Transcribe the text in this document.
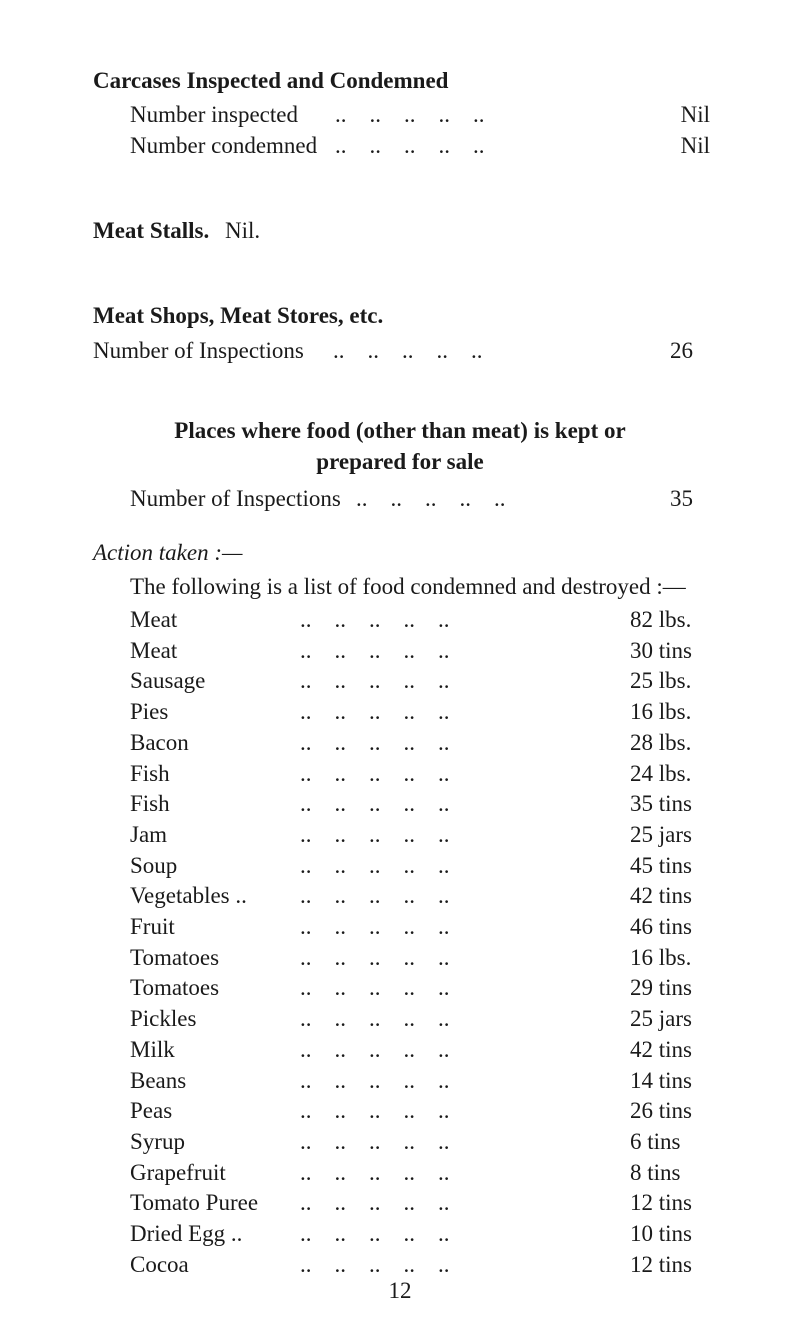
Carcases Inspected and Condemned
Number inspected ..    ..    ..    ..    ..	Nil
Number condemned ..    ..    ..    ..    ..	Nil
Meat Stalls. Nil.
Meat Shops, Meat Stores, etc.
Number of Inspections ..    ..    ..    ..    ..	26
Places where food (other than meat) is kept or
prepared for sale
Number of Inspections ..    ..    ..    ..    ..	35
Action taken :—
The following is a list of food condemned and destroyed :—
Meat	..    ..    ..    ..    ..	82 lbs.
Meat	..    ..    ..    ..    ..	30 tins
Sausage	..    ..    ..    ..    ..	25 lbs.
Pies	..    ..    ..    ..    ..	16 lbs.
Bacon	..    ..    ..    ..    ..	28 lbs.
Fish	..    ..    ..    ..    ..	24 lbs.
Fish	..    ..    ..    ..    ..	35 tins
Jam	..    ..    ..    ..    ..	25 jars
Soup	..    ..    ..    ..    ..	45 tins
Vegetables .. ..    ..    ..    ..    ..	42 tins
Fruit	..    ..    ..    ..    ..	46 tins
Tomatoes	..    ..    ..    ..    ..	16 lbs.
Tomatoes	..    ..    ..    ..    ..	29 tins
Pickles	..    ..    ..    ..    ..	25 jars
Milk	..    ..    ..    ..    ..	42 tins
Beans	..    ..    ..    ..    ..	14 tins
Peas	..    ..    ..    ..    ..	26 tins
Syrup	..    ..    ..    ..    ..	6 tins
Grapefruit	..    ..    ..    ..    ..	8 tins
Tomato Puree ..    ..    ..    ..    ..	12 tins
Dried Egg ..	..    ..    ..    ..    ..	10 tins
Cocoa	..    ..    ..    ..    ..	12 tins
12
